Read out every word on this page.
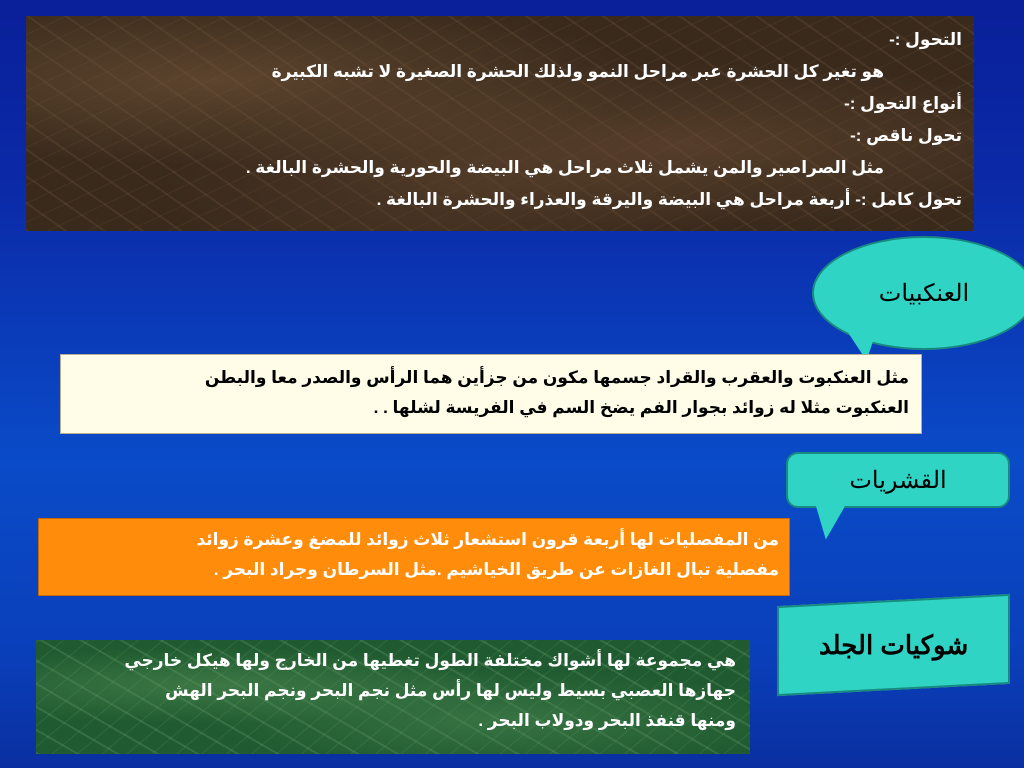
التحول :-

هو تغير كل الحشرة عبر مراحل النمو ولذلك الحشرة الصغيرة لا تشبه الكبيرة

أنواع التحول :-

تحول ناقص :-

مثل الصراصير والمن يشمل ثلاث مراحل هي البيضة والحورية والحشرة البالغة .

تحول كامل :- أربعة مراحل هي البيضة واليرقة والعذراء والحشرة البالغة .

العنكبيات
مثل العنكبوت والعقرب والقراد جسمها مكون من جزأين هما الرأس والصدر معا والبطن
العنكبوت مثلا له زوائد بجوار الفم يضخ السم في الفريسة لشلها . .
القشريات
من المفصليات لها أربعة قرون استشعار ثلاث زوائد للمضغ وعشرة زوائد
مفصلية تبال الغازات عن طريق الخياشيم .مثل السرطان وجراد البحر .
شوكيات الجلد
هي مجموعة لها أشواك مختلفة الطول تغطيها من الخارج ولها هيكل خارجي
جهازها العصبي بسيط وليس لها رأس مثل نجم البحر ونجم البحر الهش
ومنها قنفذ البحر ودولاب البحر .
